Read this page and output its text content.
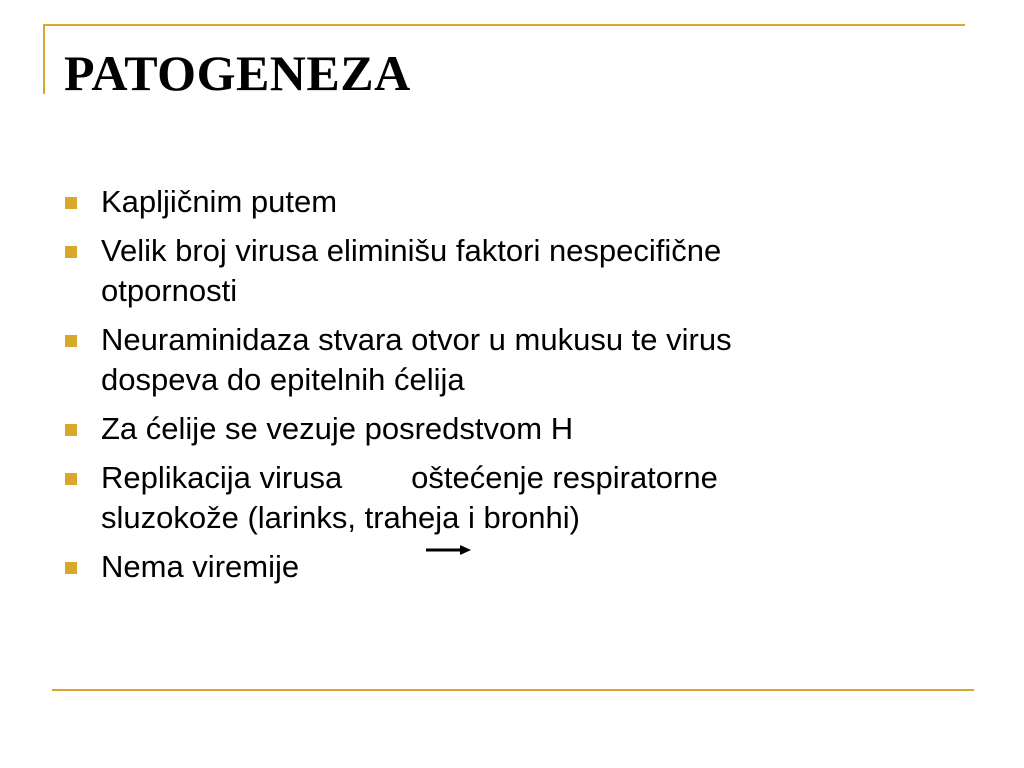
PATOGENEZA
Kapljičnim putem
Velik broj virusa eliminišu faktori nespecifične
otpornosti
Neuraminidaza stvara otvor u mukusu te virus
dospeva do epitelnih ćelija
Za ćelije se vezuje posredstvom H
Replikacija virusa        oštećenje respiratorne
sluzokože (larinks, traheja i bronhi)
Nema viremije
